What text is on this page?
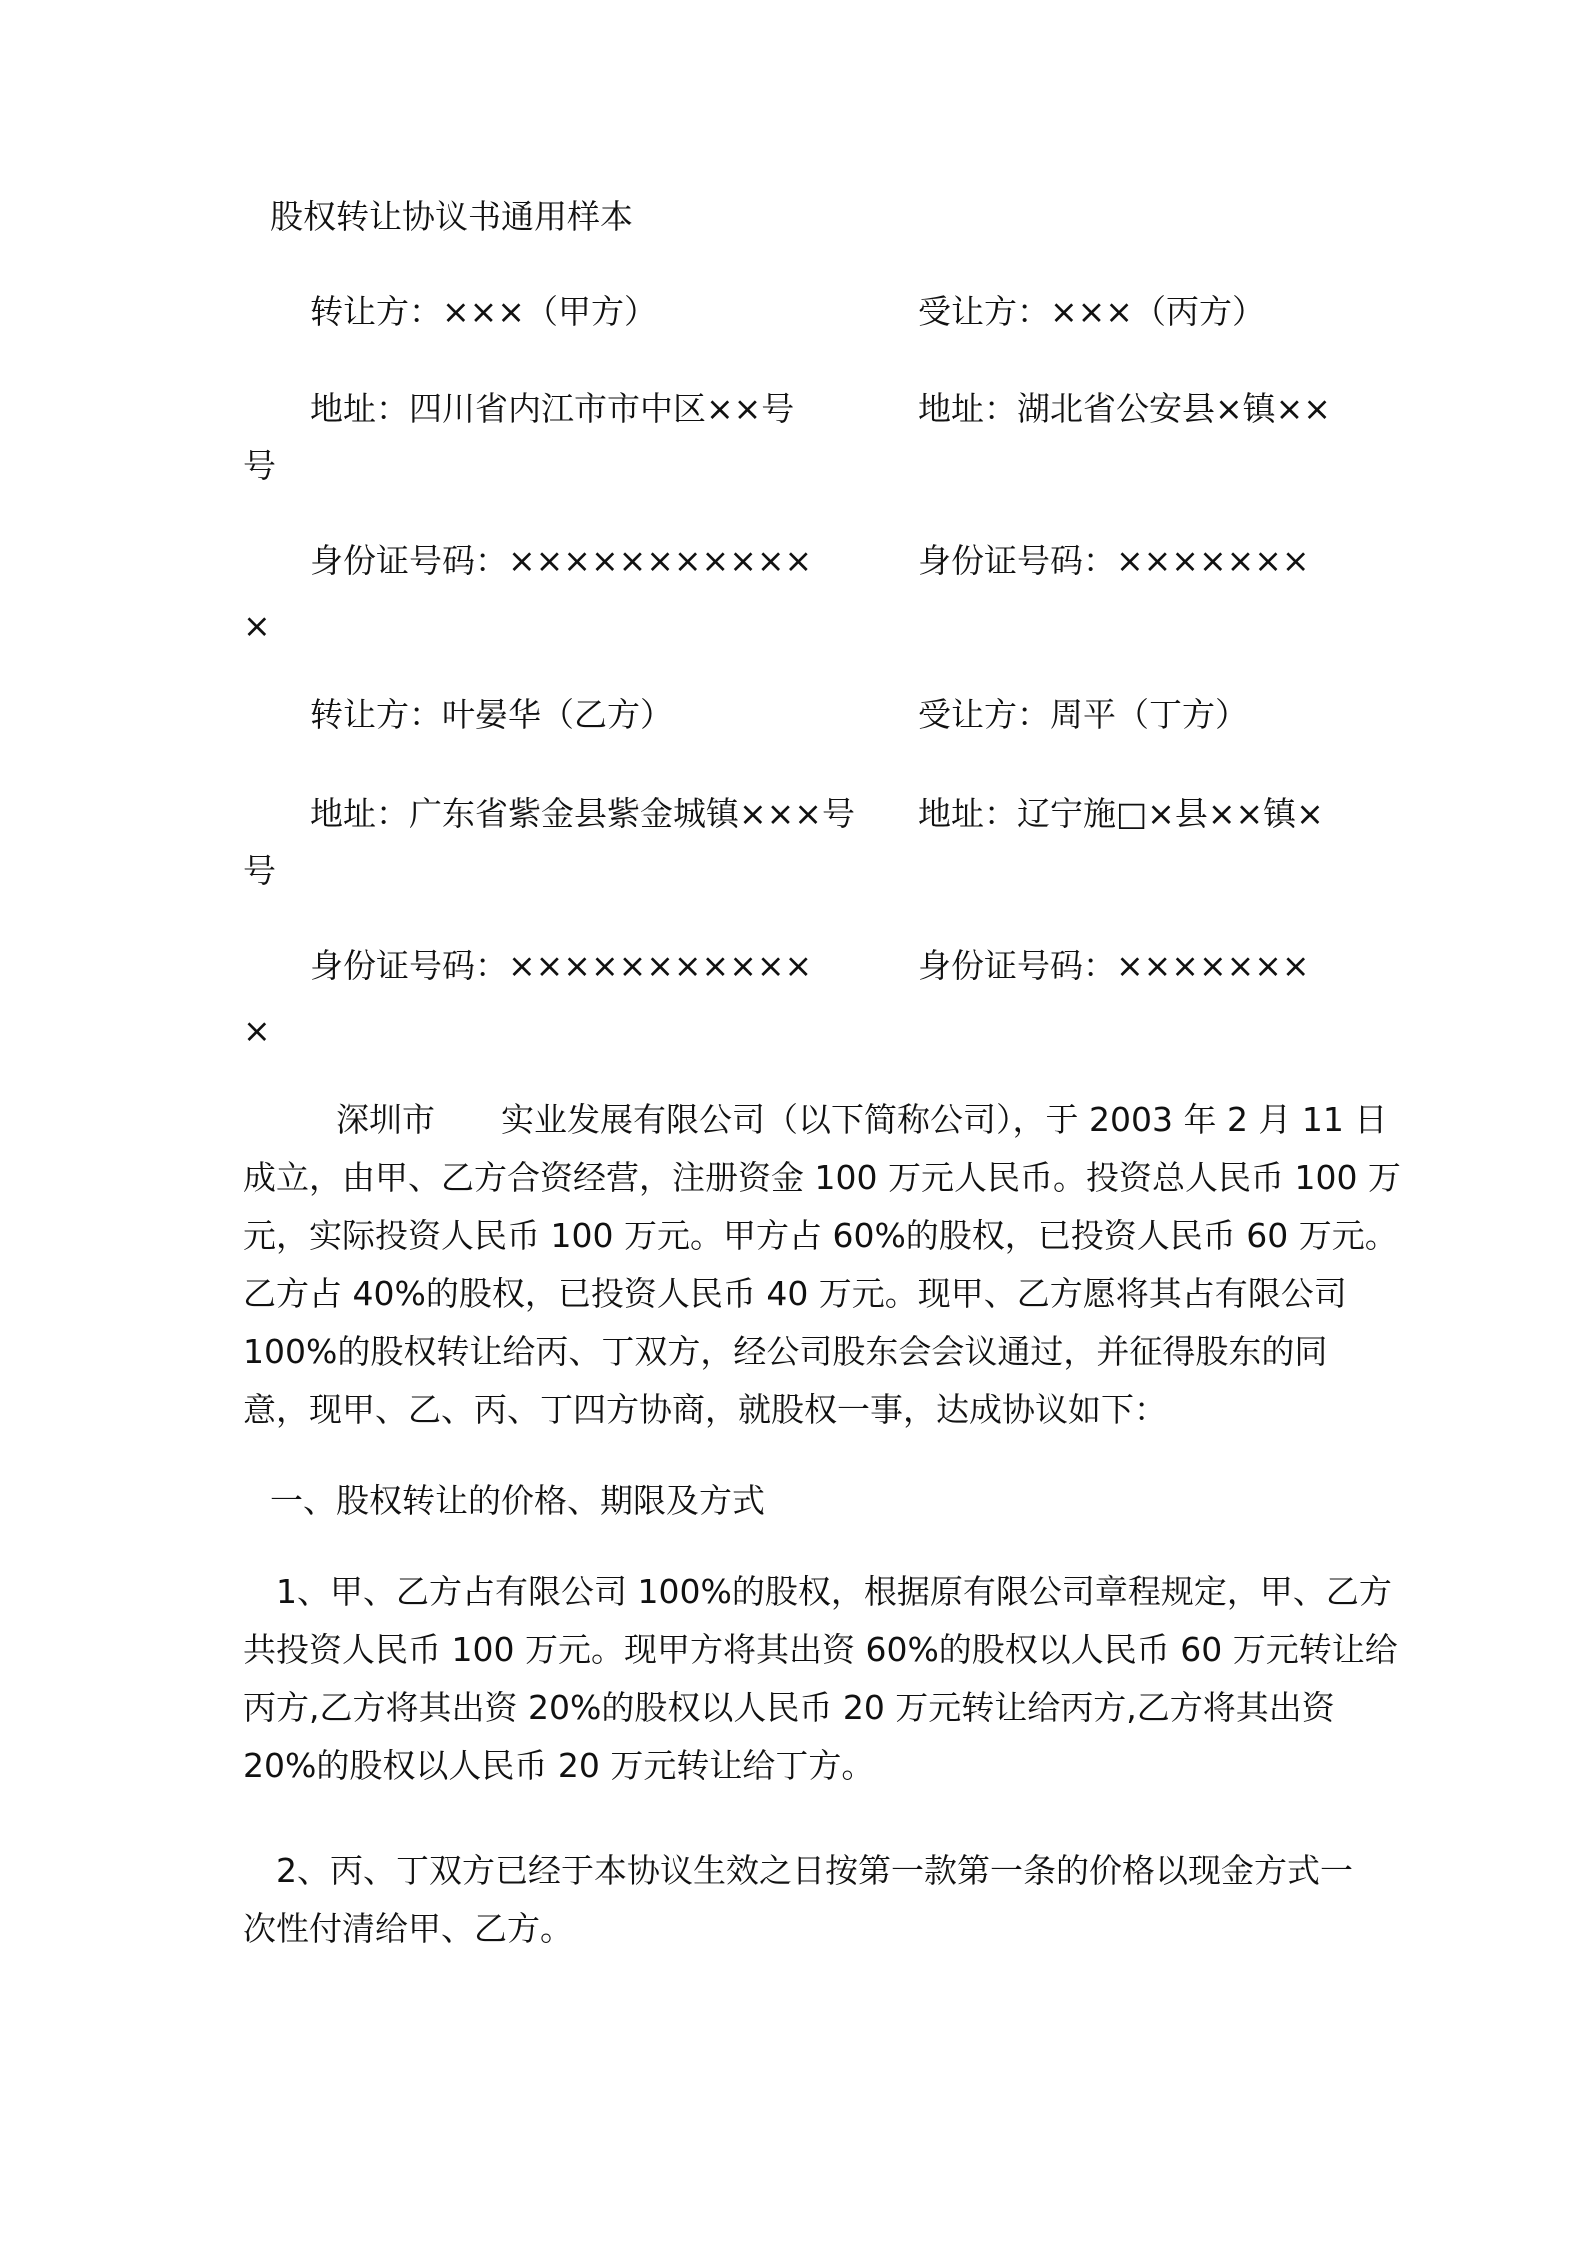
股权转让协议书通用样本
转让方：×××（甲方）	受让方：×××（丙方）
地址：四川省内江市市中区××号	地址：湖北省公安县×镇××
号
身份证号码：×××××××××××	身份证号码：×××××××
×
转让方：叶晏华（乙方）	受让方：周平（丁方）
地址：广东省紫金县紫金城镇×××号 地址：辽宁施□×县××镇×
号
身份证号码：×××××××××××	身份证号码：×××××××
×
深圳市 实业发展有限公司（以下简称公司），于 2003 年 2 月 11 日
成立，由甲、乙方合资经营，注册资金 100 万元人民币。投资总人民币 100 万
元，实际投资人民币 100 万元。甲方占 60%的股权，已投资人民币 60 万元。
乙方占 40%的股权，已投资人民币 40 万元。现甲、乙方愿将其占有限公司
100%的股权转让给丙、丁双方，经公司股东会会议通过，并征得股东的同
意，现甲、乙、丙、丁四方协商，就股权一事，达成协议如下：
一、股权转让的价格、期限及方式
1、甲、乙方占有限公司 100%的股权，根据原有限公司章程规定，甲、乙方
共投资人民币 100 万元。现甲方将其出资 60%的股权以人民币 60 万元转让给
丙方,乙方将其出资 20%的股权以人民币 20 万元转让给丙方,乙方将其出资
20%的股权以人民币 20 万元转让给丁方。
2、丙、丁双方已经于本协议生效之日按第一款第一条的价格以现金方式一
次性付清给甲、乙方。
